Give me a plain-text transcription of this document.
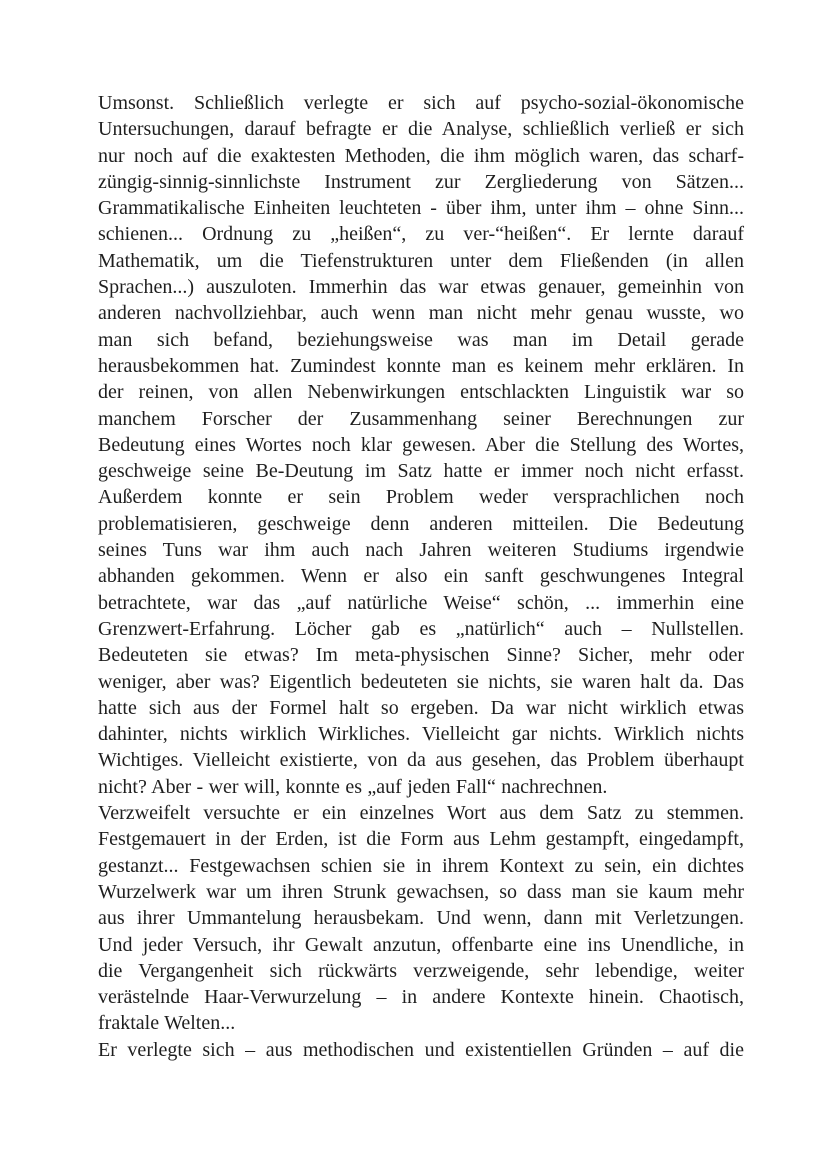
Umsonst. Schließlich verlegte er sich auf psycho-sozial-ökonomische
Untersuchungen, darauf befragte er die Analyse, schließlich verließ er sich
nur noch auf die exaktesten Methoden, die ihm möglich waren, das scharf-
züngig-sinnig-sinnlichste Instrument zur Zergliederung von Sätzen...
Grammatikalische Einheiten leuchteten - über ihm, unter ihm – ohne Sinn...
schienen... Ordnung zu „heißen“, zu ver-“heißen“. Er lernte darauf
Mathematik, um die Tiefenstrukturen unter dem Fließenden (in allen
Sprachen...) auszuloten. Immerhin das war etwas genauer, gemeinhin von
anderen nachvollziehbar, auch wenn man nicht mehr genau wusste, wo
man sich befand, beziehungsweise was man im Detail gerade
herausbekommen hat. Zumindest konnte man es keinem mehr erklären. In
der reinen, von allen Nebenwirkungen entschlackten Linguistik war so
manchem Forscher der Zusammenhang seiner Berechnungen zur
Bedeutung eines Wortes noch klar gewesen. Aber die Stellung des Wortes,
geschweige seine Be-Deutung im Satz hatte er immer noch nicht erfasst.
Außerdem konnte er sein Problem weder versprachlichen noch
problematisieren, geschweige denn anderen mitteilen. Die Bedeutung
seines Tuns war ihm auch nach Jahren weiteren Studiums irgendwie
abhanden gekommen. Wenn er also ein sanft geschwungenes Integral
betrachtete, war das „auf natürliche Weise“ schön, ... immerhin eine
Grenzwert-Erfahrung. Löcher gab es „natürlich“ auch – Nullstellen.
Bedeuteten sie etwas? Im meta-physischen Sinne? Sicher, mehr oder
weniger, aber was? Eigentlich bedeuteten sie nichts, sie waren halt da. Das
hatte sich aus der Formel halt so ergeben. Da war nicht wirklich etwas
dahinter, nichts wirklich Wirkliches. Vielleicht gar nichts. Wirklich nichts
Wichtiges. Vielleicht existierte, von da aus gesehen, das Problem überhaupt
nicht? Aber - wer will, konnte es „auf jeden Fall“ nachrechnen.
Verzweifelt versuchte er ein einzelnes Wort aus dem Satz zu stemmen.
Festgemauert in der Erden, ist die Form aus Lehm gestampft, eingedampft,
gestanzt... Festgewachsen schien sie in ihrem Kontext zu sein, ein dichtes
Wurzelwerk war um ihren Strunk gewachsen, so dass man sie kaum mehr
aus ihrer Ummantelung herausbekam. Und wenn, dann mit Verletzungen.
Und jeder Versuch, ihr Gewalt anzutun, offenbarte eine ins Unendliche, in
die Vergangenheit sich rückwärts verzweigende, sehr lebendige, weiter
verästelnde Haar-Verwurzelung – in andere Kontexte hinein. Chaotisch,
fraktale Welten...
Er verlegte sich – aus methodischen und existentiellen Gründen – auf die
